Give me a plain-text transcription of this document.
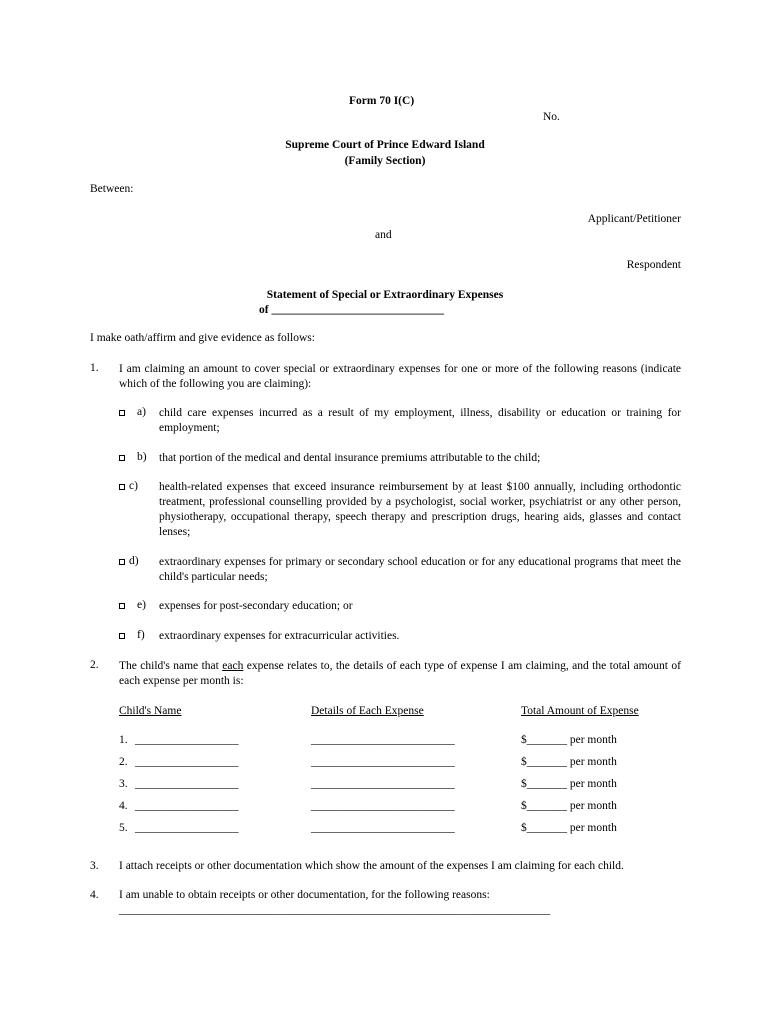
Form 70 I(C)
No.
Supreme Court of Prince Edward Island
(Family Section)
Between:
Applicant/Petitioner
and
Respondent
Statement of Special or Extraordinary Expenses
of ______________________________
I make oath/affirm and give evidence as follows:
1. I am claiming an amount to cover special or extraordinary expenses for one or more of the following reasons (indicate which of the following you are claiming):
a) child care expenses incurred as a result of my employment, illness, disability or education or training for employment;
b) that portion of the medical and dental insurance premiums attributable to the child;
c) health-related expenses that exceed insurance reimbursement by at least $100 annually, including orthodontic treatment, professional counselling provided by a psychologist, social worker, psychiatrist or any other person, physiotherapy, occupational therapy, speech therapy and prescription drugs, hearing aids, glasses and contact lenses;
d) extraordinary expenses for primary or secondary school education or for any educational programs that meet the child's particular needs;
e) expenses for post-secondary education; or
f) extraordinary expenses for extracurricular activities.
2. The child's name that each expense relates to, the details of each type of expense I am claiming, and the total amount of each expense per month is:
Child's Name	Details of Each Expense	Total Amount of Expense
1. __________________	_________________________	$_______ per month
2. __________________	_________________________	$_______ per month
3. __________________	_________________________	$_______ per month
4. __________________	_________________________	$_______ per month
5. __________________	_________________________	$_______ per month
3. I attach receipts or other documentation which show the amount of the expenses I am claiming for each child.
4. I am unable to obtain receipts or other documentation, for the following reasons:
___________________________________________________________________________
